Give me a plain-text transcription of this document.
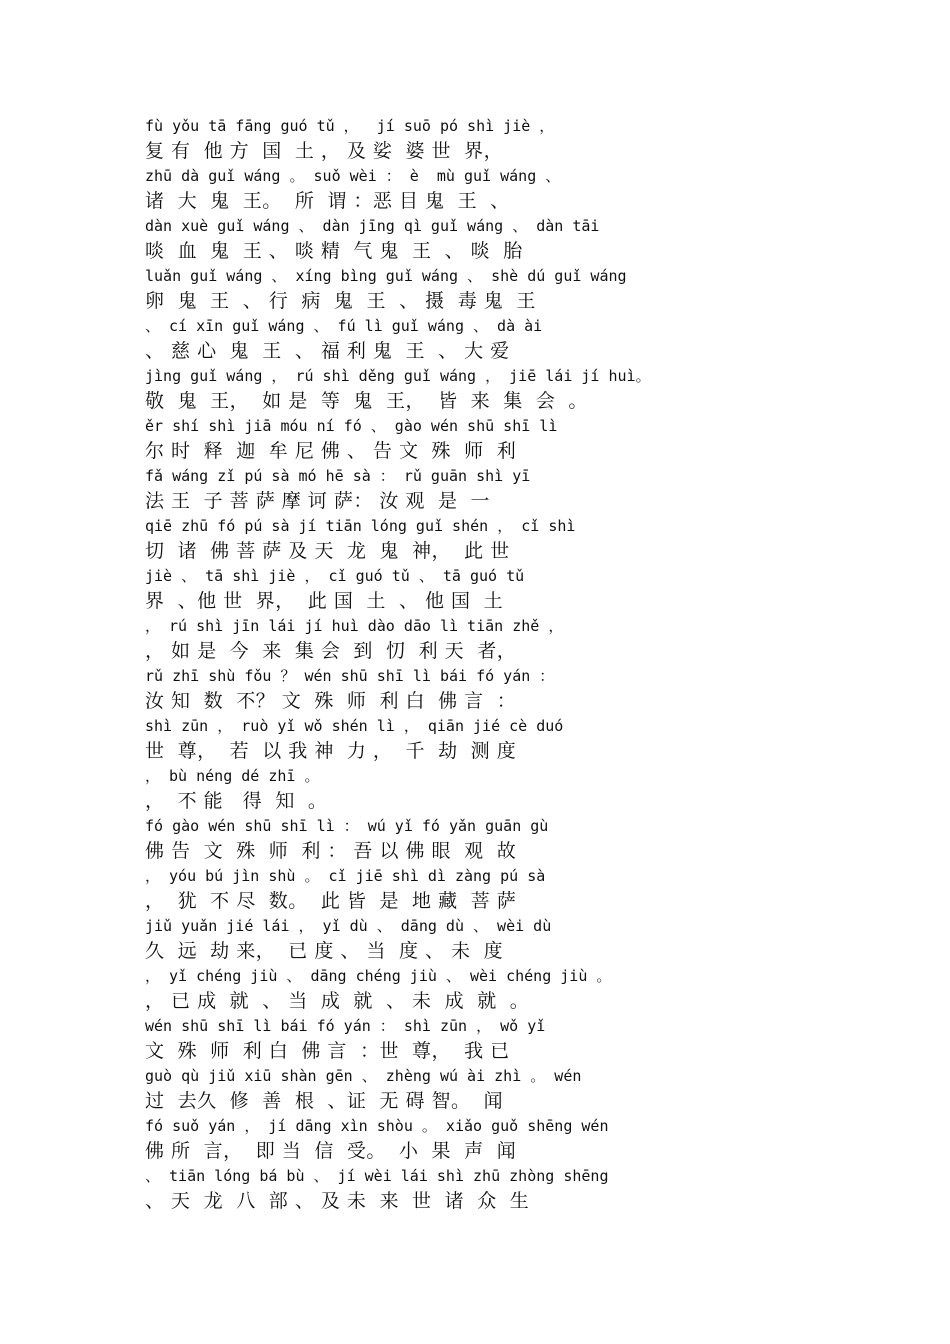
fù yǒu tā fāng guó tǔ ，  jí suō pó shì jiè ，
复 有  他 方  国  土 ， 及 娑  婆 世  界，
zhū dà guǐ wáng 。 suǒ wèi ： è  mù guǐ wáng 、
诸  大  鬼  王。  所  谓 ：恶 目 鬼  王  、
dàn xuè guǐ wáng 、 dàn jīng qì guǐ wáng 、 dàn tāi
啖  血  鬼  王 、 啖 精  气 鬼  王  、 啖  胎
luǎn guǐ wáng 、 xíng bìng guǐ wáng 、 shè dú guǐ wáng
卵  鬼  王  、 行  病  鬼  王  、 摄  毒 鬼  王
、 cí xīn guǐ wáng 、 fú lì guǐ wáng 、 dà ài
、 慈 心  鬼  王  、 福 利 鬼  王  、 大 爱
jìng guǐ wáng ， rú shì děng guǐ wáng ， jiē lái jí huì。
敬  鬼  王，  如 是  等  鬼  王，  皆  来  集  会  。
ěr shí shì jiā móu ní fó 、 gào wén shū shī lì
尔 时  释  迦  牟 尼 佛 、 告 文  殊  师  利
fǎ wáng zǐ pú sà mó hē sà ： rǔ guān shì yī
法 王  子 菩 萨 摩 诃 萨： 汝 观  是  一
qiē zhū fó pú sà jí tiān lóng guǐ shén ， cǐ shì
切  诸  佛 菩 萨 及 天  龙  鬼  神，  此 世
jiè 、 tā shì jiè ， cǐ guó tǔ 、 tā guó tǔ
界  、他 世  界，  此 国  土  、 他 国  土
， rú shì jīn lái jí huì dào dāo lì tiān zhě ，
， 如 是  今  来  集 会  到  忉  利 天  者，
rǔ zhī shù fǒu ？ wén shū shī lì bái fó yán ：
汝 知  数  不？ 文  殊  师  利 白  佛 言  ：
shì zūn ， ruò yǐ wǒ shén lì ， qiān jié cè duó
世  尊，  若  以 我 神  力 ，  千  劫  测 度
， bù néng dé zhī 。
，  不 能   得  知  。
fó gào wén shū shī lì ： wú yǐ fó yǎn guān gù
佛 告  文  殊  师  利 ： 吾 以 佛 眼  观  故
， yóu bú jìn shù 。 cǐ jiē shì dì zàng pú sà
，  犹  不 尽  数。  此 皆  是  地 藏  菩 萨
jiǔ yuǎn jié lái ， yǐ dù 、 dāng dù 、 wèi dù
久  远  劫 来，  已 度 、 当  度 、 未  度
， yǐ chéng jiù 、 dāng chéng jiù 、 wèi chéng jiù 。
， 已 成  就  、 当  成  就  、 未  成  就  。
wén shū shī lì bái fó yán ： shì zūn ， wǒ yǐ
文  殊  师  利 白  佛 言  ：世  尊，  我 已
guò qù jiǔ xiū shàn gēn 、 zhèng wú ài zhì 。 wén
过  去久  修  善  根  、证  无 碍 智。  闻
fó suǒ yán ， jí dāng xìn shòu 。 xiǎo guǒ shēng wén
佛 所  言，  即 当  信  受。  小  果  声  闻
、 tiān lóng bá bù 、 jí wèi lái shì zhū zhòng shēng
、 天  龙  八  部 、 及 未  来  世  诸  众  生
